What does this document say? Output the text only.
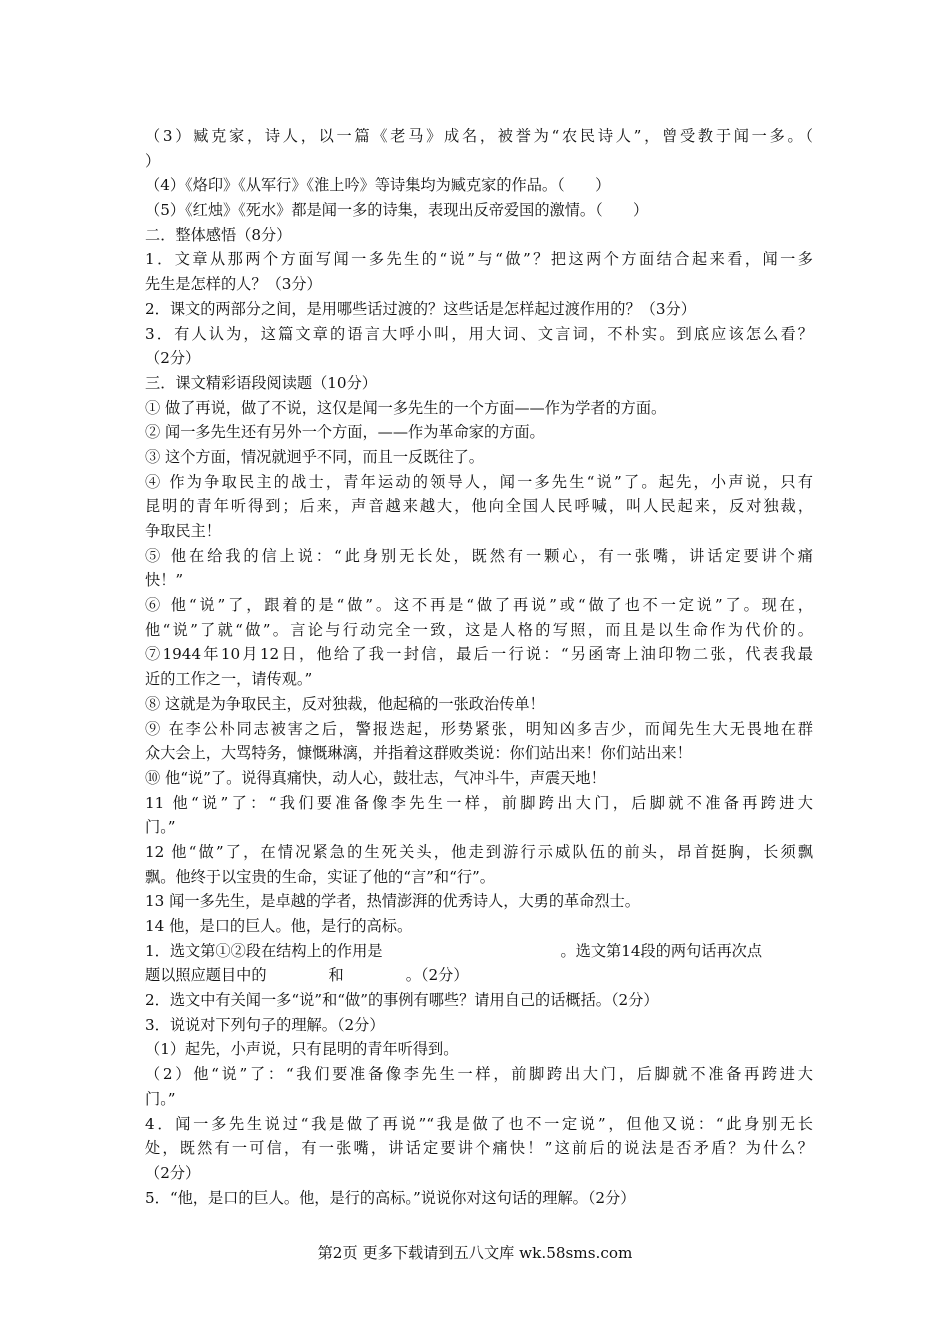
（3）臧克家，诗人，以一篇《老马》成名，被誉为“农民诗人”，曾受教于闻一多。（
）
（4）《烙印》《从军行》《淮上吟》等诗集均为臧克家的作品。（　　）
（5）《红烛》《死水》都是闻一多的诗集，表现出反帝爱国的激情。（　　）
二．整体感悟（8分）
1．文章从那两个方面写闻一多先生的“说”与“做”？把这两个方面结合起来看，闻一多
先生是怎样的人？（3分）
2．课文的两部分之间，是用哪些话过渡的？这些话是怎样起过渡作用的？（3分）
3．有人认为，这篇文章的语言大呼小叫，用大词、文言词，不朴实。到底应该怎么看？
（2分）
三．课文精彩语段阅读题（10分）
① 做了再说，做了不说，这仅是闻一多先生的一个方面——作为学者的方面。
② 闻一多先生还有另外一个方面，——作为革命家的方面。
③ 这个方面，情况就迥乎不同，而且一反既往了。
④ 作为争取民主的战士，青年运动的领导人，闻一多先生“说”了。起先，小声说，只有
昆明的青年听得到；后来，声音越来越大，他向全国人民呼喊，叫人民起来，反对独裁，
争取民主！
⑤ 他在给我的信上说：“此身别无长处，既然有一颗心，有一张嘴，讲话定要讲个痛
快！”
⑥ 他“说”了，跟着的是“做”。这不再是“做了再说”或“做了也不一定说”了。现在，
他“说”了就“做”。言论与行动完全一致，这是人格的写照，而且是以生命作为代价的。
⑦1944年10月12日，他给了我一封信，最后一行说：“另函寄上油印物二张，代表我最
近的工作之一，请传观。”
⑧ 这就是为争取民主，反对独裁，他起稿的一张政治传单！
⑨ 在李公朴同志被害之后，警报迭起，形势紧张，明知凶多吉少，而闻先生大无畏地在群
众大会上，大骂特务，慷慨琳漓，并指着这群败类说：你们站出来！你们站出来！
⑩ 他“说”了。说得真痛快，动人心，鼓壮志，气冲斗牛，声震天地！
11 他“说”了：“我们要准备像李先生一样，前脚跨出大门，后脚就不准备再跨进大
门。”
12 他“做”了，在情况紧急的生死关头，他走到游行示威队伍的前头，昂首挺胸，长须飘
飘。他终于以宝贵的生命，实证了他的“言”和“行”。
13 闻一多先生，是卓越的学者，热情澎湃的优秀诗人，大勇的革命烈士。
14 他，是口的巨人。他，是行的高标。
1．选文第①②段在结构上的作用是	。选文第14段的两句话再次点
题以照应题目中的	和	。（2分）
2．选文中有关闻一多“说”和“做”的事例有哪些？请用自己的话概括。（2分）
3．说说对下列句子的理解。（2分）
（1）起先，小声说，只有昆明的青年听得到。
（2）他“说”了：“我们要准备像李先生一样，前脚跨出大门，后脚就不准备再跨进大
门。”
4．闻一多先生说过“我是做了再说”“我是做了也不一定说”，但他又说：“此身别无长
处，既然有一可信，有一张嘴，讲话定要讲个痛快！”这前后的说法是否矛盾？为什么？
（2分）
5．“他，是口的巨人。他，是行的高标。”说说你对这句话的理解。（2分）
第2页 更多下载请到五八文库 wk.58sms.com
